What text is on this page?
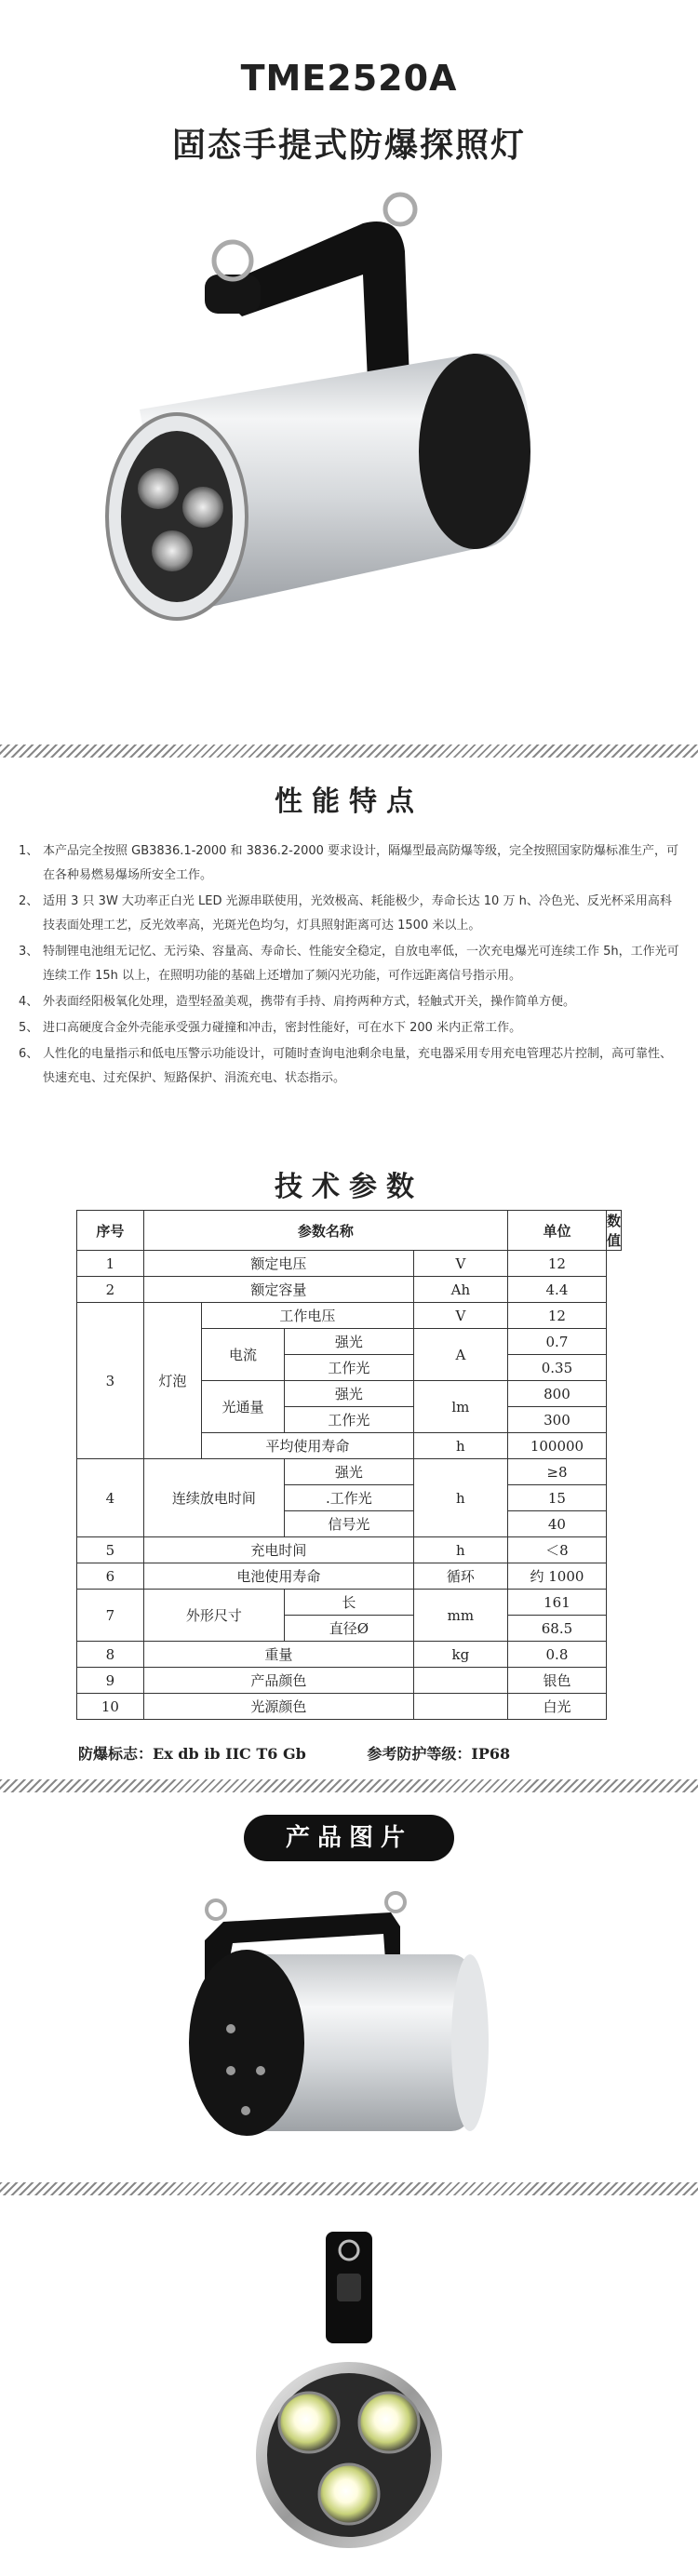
TME2520A
固态手提式防爆探照灯
性能特点
1、 本产品完全按照 GB3836.1-2000 和 3836.2-2000 要求设计，隔爆型最高防爆等级，完全按照国家防爆标准生产，可在各种易燃易爆场所安全工作。
2、 适用 3 只 3W 大功率正白光 LED 光源串联使用，光效极高、耗能极少，寿命长达 10 万 h、冷色光、反光杯采用高科技表面处理工艺，反光效率高，光斑光色均匀，灯具照射距离可达 1500 米以上。
3、 特制锂电池组无记忆、无污染、容量高、寿命长、性能安全稳定，自放电率低，一次充电爆光可连续工作 5h，工作光可连续工作 15h 以上，在照明功能的基础上还增加了频闪光功能，可作远距离信号指示用。
4、 外表面经阳极氧化处理，造型轻盈美观，携带有手持、肩挎两种方式，轻触式开关，操作简单方便。
5、 进口高硬度合金外壳能承受强力碰撞和冲击，密封性能好，可在水下 200 米内正常工作。
6、 人性化的电量指示和低电压警示功能设计，可随时查询电池剩余电量，充电器采用专用充电管理芯片控制，高可靠性、快速充电、过充保护、短路保护、涓流充电、状态指示。
技术参数
序号	参数名称				单位	数值
1	额定电压			V	12	
2	额定容量			Ah	4.4	
3	灯泡	工作电压		V	12	
		电流	强光	A	0.7	
			工作光		0.35	
		光通量	强光	lm	800	
			工作光		300	
		平均使用寿命		h	100000	
4	连续放电时间		强光	h	≥8	
			.工作光		15	
			信号光		40	
5	充电时间			h	＜8	
6	电池使用寿命			循环	约 1000	
7	外形尺寸		长	mm	161	
			直径Ø		68.5	
8	重量			kg	0.8	
9	产品颜色				银色	
10	光源颜色				白光	
防爆标志：Ex db ib IIC T6 Gb	参考防护等级：IP68
产品图片
